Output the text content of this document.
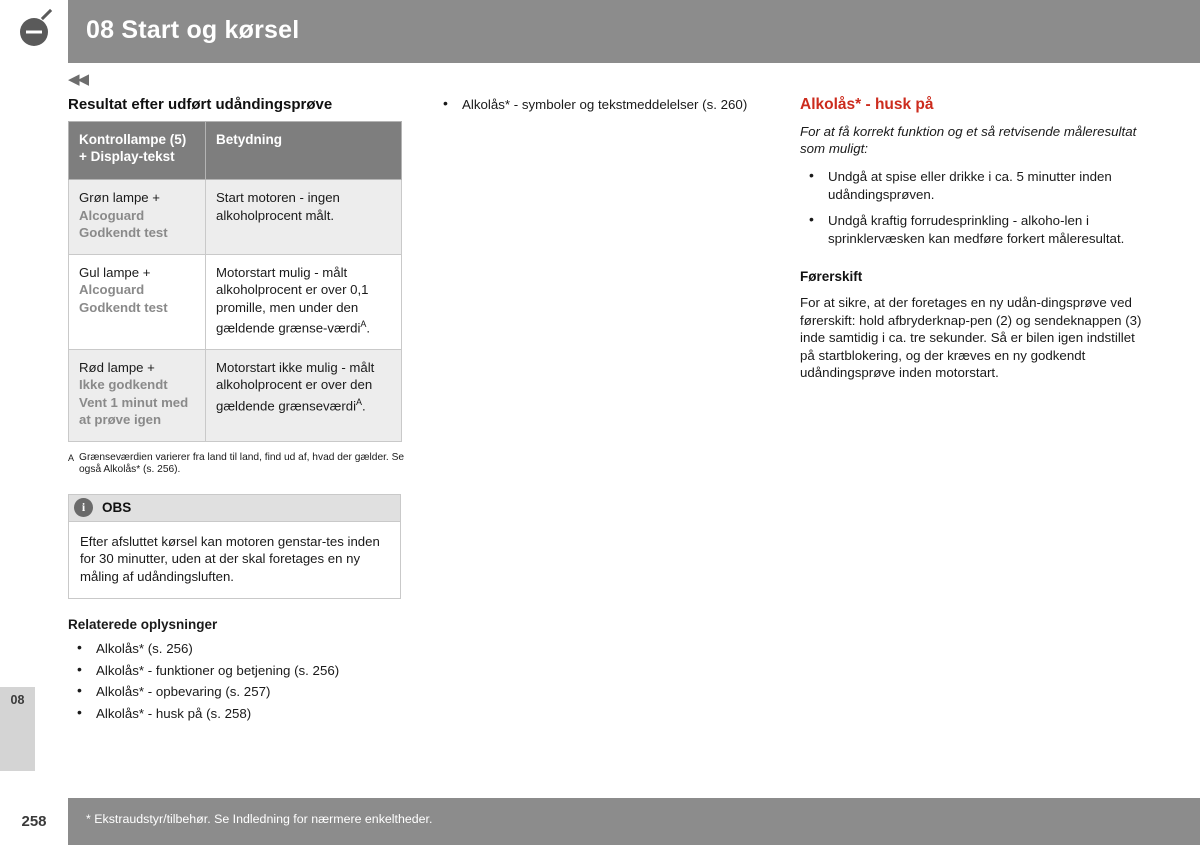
08 Start og kørsel
◀◀
08
Resultat efter udført udåndingsprøve
Kontrollampe (5) + Display-tekst	Betydning
Grøn lampe +
Alcoguard Godkendt test	Start motoren - ingen alkoholprocent målt.
Gul lampe +
Alcoguard Godkendt test	Motorstart mulig - målt alkoholprocent er over 0,1 promille, men under den gældende grænse-værdi$^A$.
Rød lampe +
Ikke godkendt Vent 1 minut med at prøve igen	Motorstart ikke mulig - målt alkoholprocent er over den gældende grænseværdi$^A$.
A Grænseværdien varierer fra land til land, find ud af, hvad der gælder. Se også Alkolås* (s. 256).
i	OBS
Efter afsluttet kørsel kan motoren genstar-tes inden for 30 minutter, uden at der skal foretages en ny måling af udåndingsluften.
Relaterede oplysninger
• Alkolås* (s. 256)
• Alkolås* - funktioner og betjening (s. 256)
• Alkolås* - opbevaring (s. 257)
• Alkolås* - husk på (s. 258)
• Alkolås* - symboler og tekstmeddelelser (s. 260)	Alkolås* - husk på

For at få korrekt funktion og et så retvisende måleresultat som muligt:

• Undgå at spise eller drikke i ca. 5 minutter inden udåndingsprøven.
• Undgå kraftig forrudesprinkling - alkoho-len i sprinklervæsken kan medføre forkert måleresultat.
Førerskift

For at sikre, at der foretages en ny udån-dingsprøve ved førerskift: hold afbryderknap-pen (2) og sendeknappen (3) inde samtidig i ca. tre sekunder. Så er bilen igen indstillet på startblokering, og der kræves en ny godkendt udåndingsprøve inden motorstart.

258	* Ekstraudstyr/tilbehør. Se Indledning for nærmere enkeltheder.
